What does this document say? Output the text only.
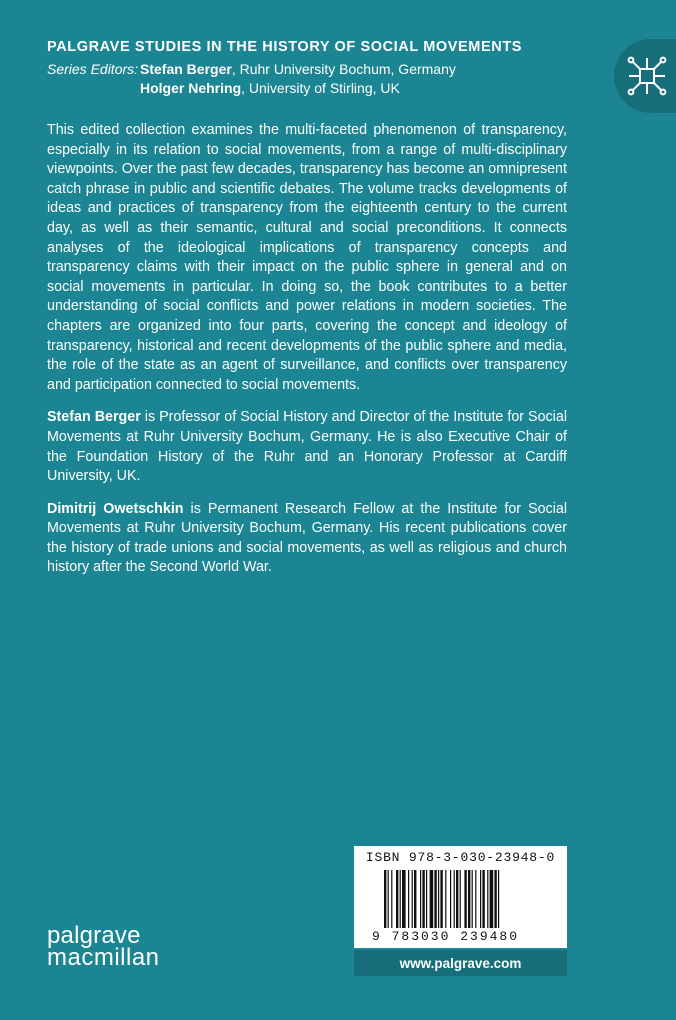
PALGRAVE STUDIES IN THE HISTORY OF SOCIAL MOVEMENTS
Series Editors: Stefan Berger , Ruhr University Bochum, Germany
Holger Nehring , University of Stirling, UK

This edited collection examines the multi-faceted phenomenon of transparency, especially in its relation to social movements, from a range of multi-disciplinary viewpoints. Over the past few decades, transparency has become an omnipresent catch phrase in public and scientific debates. The volume tracks developments of ideas and practices of transparency from the eighteenth century to the current day, as well as their semantic, cultural and social preconditions. It connects analyses of the ideological implications of transparency concepts and transparency claims with their impact on the public sphere in general and on social movements in particular. In doing so, the book contributes to a better understanding of social conflicts and power relations in modern societies. The chapters are organized into four parts, covering the concept and ideology of transparency, historical and recent developments of the public sphere and media, the role of the state as an agent of surveillance, and conflicts over transparency and participation connected to social movements.

Stefan Berger is Professor of Social History and Director of the Institute for Social Movements at Ruhr University Bochum, Germany. He is also Executive Chair of the Foundation History of the Ruhr and an Honorary Professor at Cardiff University, UK.

Dimitrij Owetschkin is Permanent Research Fellow at the Institute for Social Movements at Ruhr University Bochum, Germany. His recent publications cover the history of trade unions and social movements, as well as religious and church history after the Second World War.

palgrave
macmillan
ISBN 978-3-030-23948-0
9 783030 239480
www.palgrave.com
